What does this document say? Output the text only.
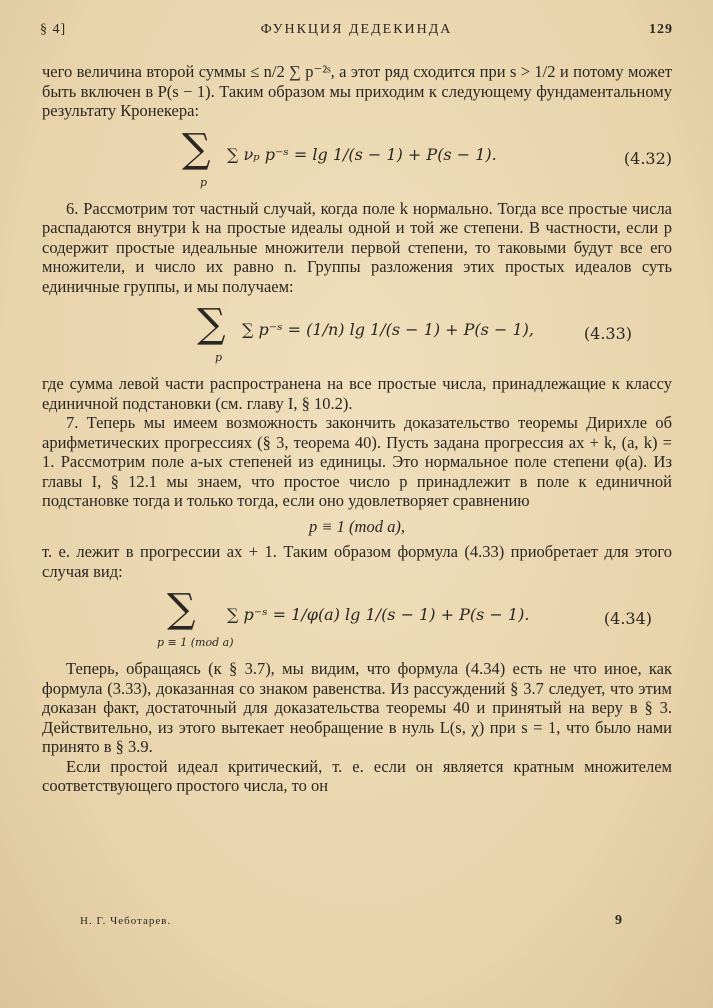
§ 4]	ФУНКЦИЯ ДЕДЕКИНДА	129

чего величина второй суммы ≤ n/2 ∑ p⁻²ˢ, а этот ряд сходится при s > 1/2 и потому может быть включен в P(s − 1). Таким образом мы приходим к следующему фундаментальному результату Кронекера:

∑
p
∑ νₚ p⁻ˢ = lg 1/(s − 1) + P(s − 1).	(4.32)

6. Рассмотрим тот частный случай, когда поле k нормально. Тогда все простые числа распадаются внутри k на простые идеалы одной и той же степени. В частности, если p содержит простые идеальные множители первой степени, то таковыми будут все его множители, и число их равно n. Группы разложения этих простых идеалов суть единичные группы, и мы получаем:

∑
p
∑ p⁻ˢ = (1/n) lg 1/(s − 1) + P(s − 1),	(4.33)

где сумма левой части распространена на все простые числа, принадлежащие к классу единичной подстановки (см. главу I, § 10.2).

7. Теперь мы имеем возможность закончить доказательство теоремы Дирихле об арифметических прогрессиях (§ 3, теорема 40). Пусть задана прогрессия ax + k, (a, k) = 1. Рассмотрим поле a-ых степеней из единицы. Это нормальное поле степени φ(a). Из главы I, § 12.1 мы знаем, что простое число p принадлежит в поле к единичной подстановке тогда и только тогда, если оно удовлетворяет сравнению

p ≡ 1 (mod a),

т. е. лежит в прогрессии ax + 1. Таким образом формула (4.33) приобретает для этого случая вид:

∑
p ≡ 1 (mod a)
∑ p⁻ˢ = 1/φ(a) lg 1/(s − 1) + P(s − 1).	(4.34)

Теперь, обращаясь (к § 3.7), мы видим, что формула (4.34) есть не что иное, как формула (3.33), доказанная со знаком равенства. Из рассуждений § 3.7 следует, что этим доказан факт, достаточный для доказательства теоремы 40 и принятый на веру в § 3. Действительно, из этого вытекает необращение в нуль L(s, χ) при s = 1, что было нами принято в § 3.9.

Если простой идеал критический, т. е. если он является кратным множителем соответствующего простого числа, то он

Н. Г. Чеботарев.	9
